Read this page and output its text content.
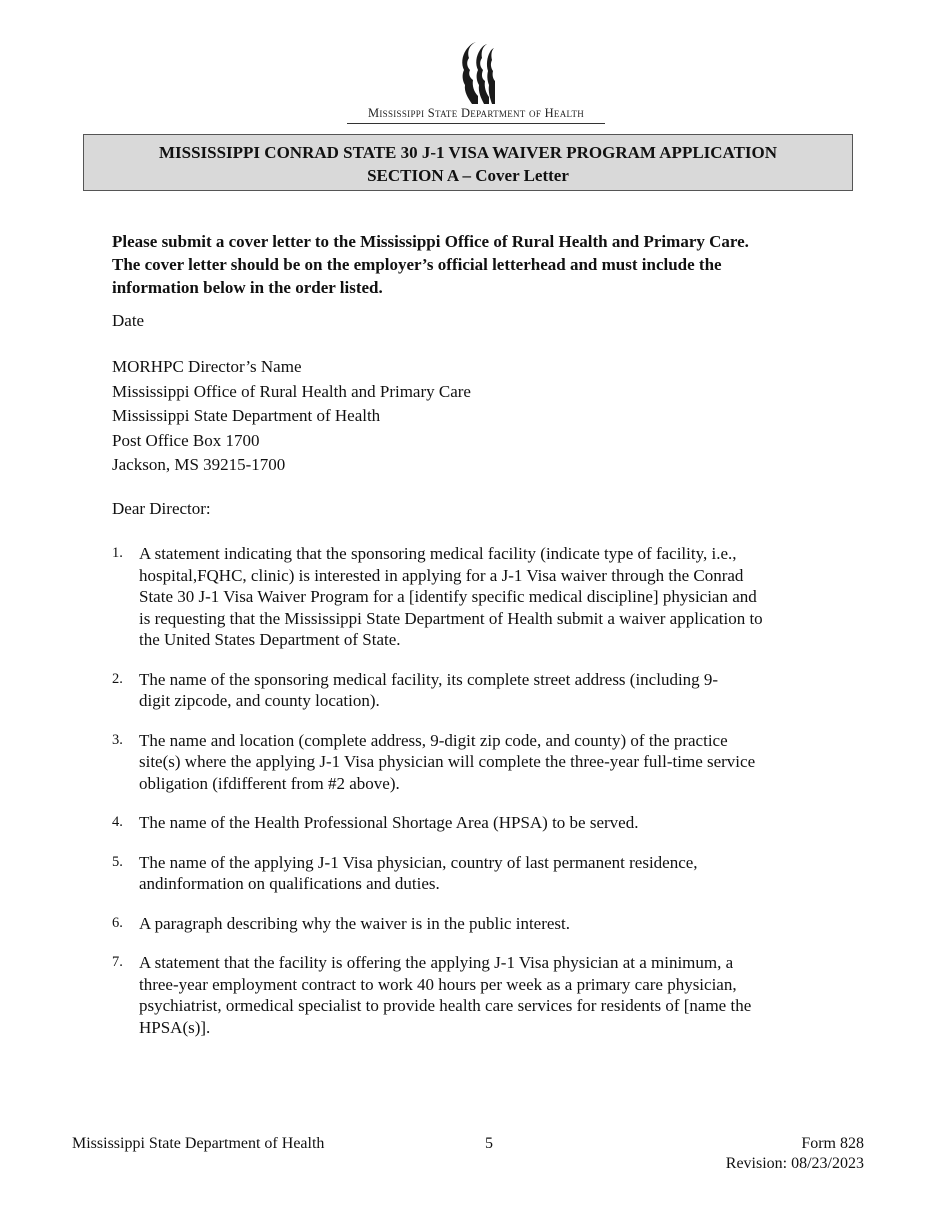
Mississippi State Department of Health
MISSISSIPPI CONRAD STATE 30 J-1 VISA WAIVER PROGRAM APPLICATION
SECTION A – Cover Letter
Please submit a cover letter to the Mississippi Office of Rural Health and Primary Care.
The cover letter should be on the employer’s official letterhead and must include the
information below in the order listed.
Date
MORHPC Director’s Name
Mississippi Office of Rural Health and Primary Care
Mississippi State Department of Health
Post Office Box 1700
Jackson, MS 39215-1700
Dear Director:
1. A statement indicating that the sponsoring medical facility (indicate type of facility, i.e.,
hospital,FQHC, clinic) is interested in applying for a J-1 Visa waiver through the Conrad
State 30 J-1 Visa Waiver Program for a [identify specific medical discipline] physician and
is requesting that the Mississippi State Department of Health submit a waiver application to
the United States Department of State.
2. The name of the sponsoring medical facility, its complete street address (including 9-
digit zipcode, and county location).
3. The name and location (complete address, 9-digit zip code, and county) of the practice
site(s) where the applying J-1 Visa physician will complete the three-year full-time service
obligation (ifdifferent from #2 above).
4. The name of the Health Professional Shortage Area (HPSA) to be served.
5. The name of the applying J-1 Visa physician, country of last permanent residence,
andinformation on qualifications and duties.
6. A paragraph describing why the waiver is in the public interest.
7. A statement that the facility is offering the applying J-1 Visa physician at a minimum, a
three-year employment contract to work 40 hours per week as a primary care physician,
psychiatrist, ormedical specialist to provide health care services for residents of [name the
HPSA(s)].
Mississippi State Department of Health	5	Form 828
Revision: 08/23/2023
